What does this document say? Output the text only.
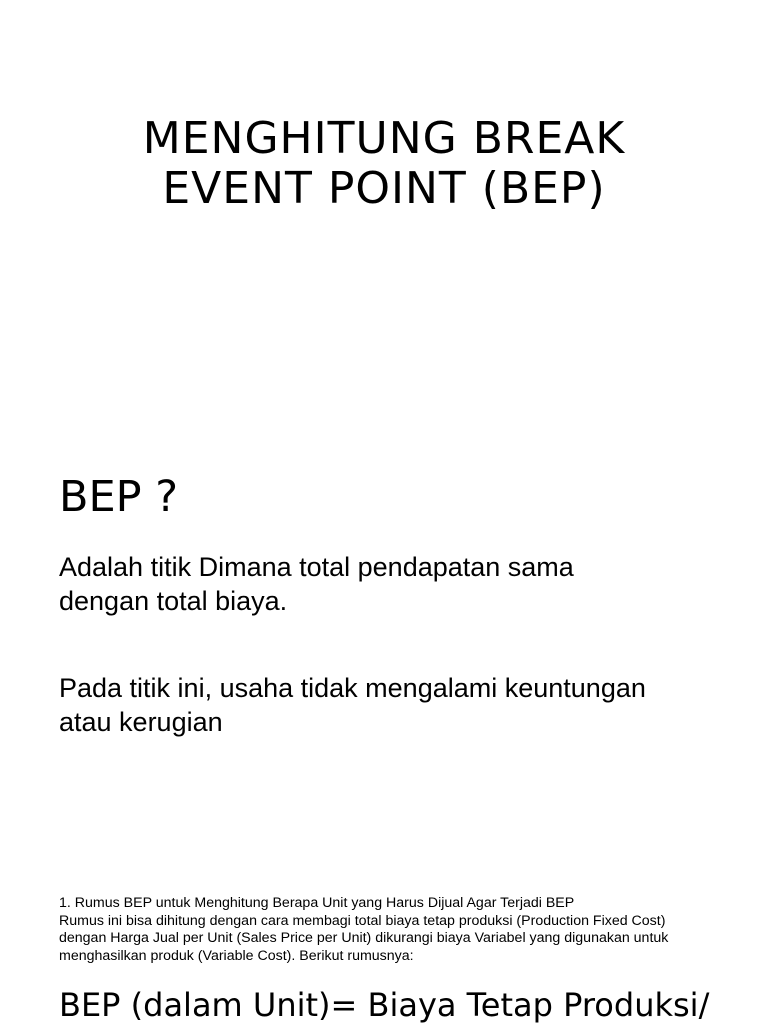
MENGHITUNG BREAK
EVENT POINT (BEP)
BEP ?

Adalah titik Dimana total pendapatan sama
dengan total biaya.

Pada titik ini, usaha tidak mengalami keuntungan
atau kerugian

1. Rumus BEP untuk Menghitung Berapa Unit yang Harus Dijual Agar Terjadi BEP
Rumus ini bisa dihitung dengan cara membagi total biaya tetap produksi (Production Fixed Cost)
dengan Harga Jual per Unit (Sales Price per Unit) dikurangi biaya Variabel yang digunakan untuk
menghasilkan produk (Variable Cost). Berikut rumusnya:
BEP (dalam Unit)= Biaya Tetap Produksi/
